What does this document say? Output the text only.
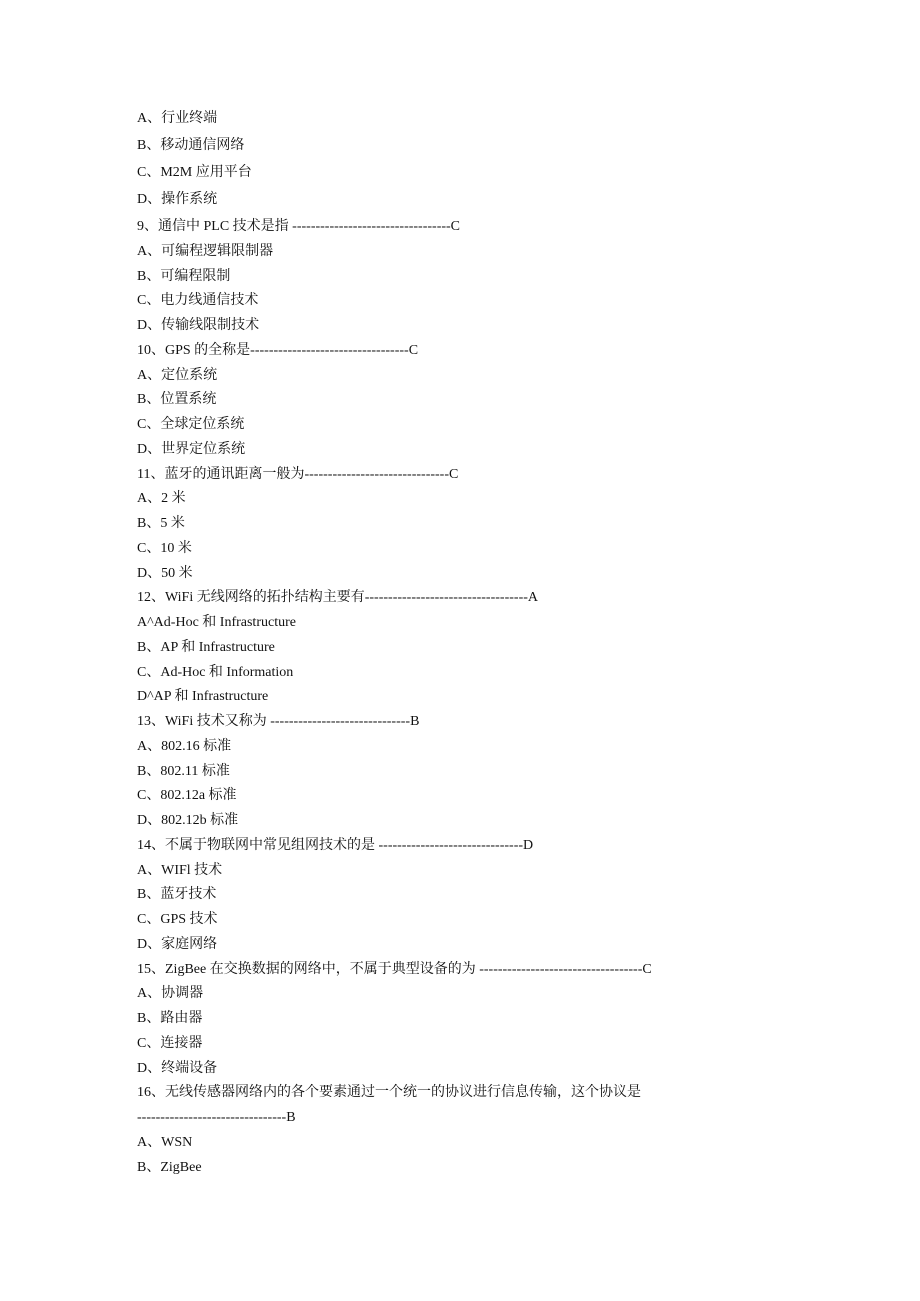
A、行业终端
B、移动通信网络
C、M2M 应用平台
D、操作系统
9、通信中 PLC 技术是指 ----------------------------------C
A、可编程逻辑限制器
B、可编程限制
C、电力线通信技术
D、传输线限制技术
10、GPS 的全称是----------------------------------C
A、定位系统
B、位置系统
C、全球定位系统
D、世界定位系统
11、蓝牙的通讯距离一般为-------------------------------C
A、2 米
B、5 米
C、10 米
D、50 米
12、WiFi 无线网络的拓扑结构主要有-----------------------------------A
A^Ad-Hoc 和 Infrastructure
B、AP 和 Infrastructure
C、Ad-Hoc 和 Information
D^AP 和 Infrastructure
13、WiFi 技术又称为 ------------------------------B
A、802.16 标准
B、802.11 标准
C、802.12a 标准
D、802.12b 标准
14、不属于物联网中常见组网技术的是 -------------------------------D
A、WIFl 技术
B、蓝牙技术
C、GPS 技术
D、家庭网络
15、ZigBee 在交换数据的网络中，不属于典型设备的为 -----------------------------------C
A、协调器
B、路由器
C、连接器
D、终端设备
16、无线传感器网络内的各个要素通过一个统一的协议进行信息传输，这个协议是
--------------------------------B
A、WSN
B、ZigBee
